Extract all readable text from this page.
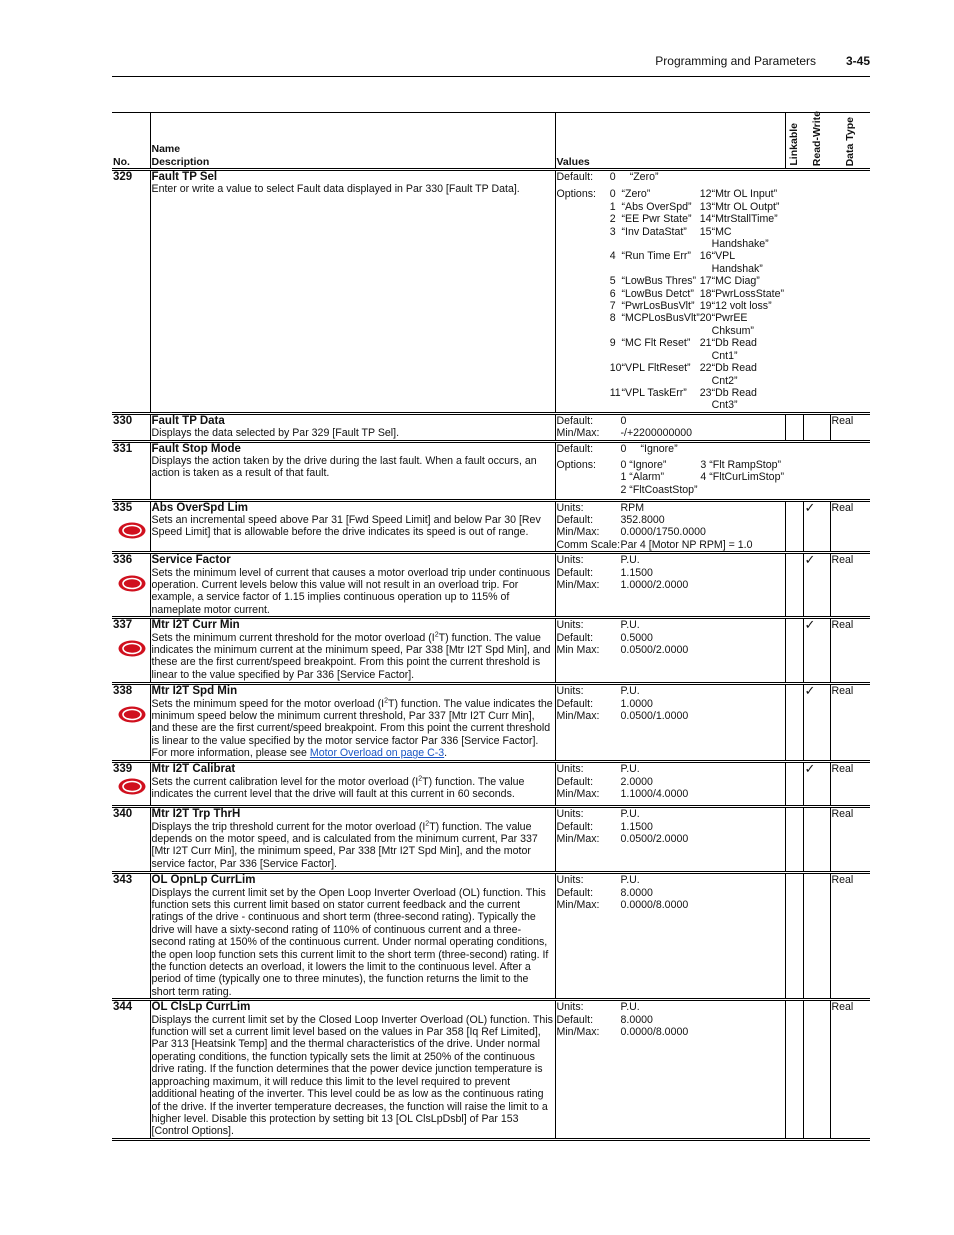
Programming and Parameters 3-45
No.	Name
Description	Values	Linkable	Read-Write	Data Type

329	Fault TP Sel
Enter or write a value to select Fault data displayed in Par 330 [Fault TP Data].	
Default:	0	“Zero”

Options:	0	“Zero”	12	“Mtr OL Input”
1	“Abs OverSpd”	13	“Mtr OL Outpt”
2	“EE Pwr State”	14	“MtrStallTime”
3	“Inv DataStat”	15	“MC Handshake”
4	“Run Time Err”	16	“VPL Handshak”
5	“LowBus Thres”	17	“MC Diag”
6	“LowBus Detct”	18	“PwrLossState”
7	“PwrLosBusVlt”	19	“12 volt loss”
8	“MCPLosBusVlt”	20	“PwrEE Chksum”
9	“MC Flt Reset”	21	“Db Read Cnt1”
10	“VPL FltReset”	22	“Db Read Cnt2”
11	“VPL TaskErr”	23	“Db Read Cnt3”

330	Fault TP Data
Displays the data selected by Par 329 [Fault TP Sel].	
Default:	0
Min/Max:	-/+2200000000
			Real

331	Fault Stop Mode
Displays the action taken by the drive during the last fault. When a fault occurs, an action is taken as a result of that fault.	
Default:	0	“Ignore”

Options:	0	“Ignore”	3	“Flt RampStop”
1	“Alarm”	4	“FltCurLimStop”
2	“FltCoastStop”		

335	Abs OverSpd Lim
Sets an incremental speed above Par 31 [Fwd Speed Limit] and below Par 30 [Rev Speed Limit] that is allowable before the drive indicates its speed is out of range.	
Units:	RPM
Default:	352.8000
Min/Max:	0.0000/1750.0000
Comm Scale:	Par 4 [Motor NP RPM] = 1.0
		✓	Real

336	Service Factor
Sets the minimum level of current that causes a motor overload trip under continuous operation. Current levels below this value will not result in an overload trip. For example, a service factor of 1.15 implies continuous operation up to 115% of nameplate motor current.	
Units:	P.U.
Default:	1.1500
Min/Max:	1.0000/2.0000
		✓	Real

337	Mtr I2T Curr Min
Sets the minimum current threshold for the motor overload $(I^2T)$ function. The value indicates the minimum current at the minimum speed, Par 338 [Mtr I2T Spd Min], and these are the first current/speed breakpoint. From this point the current threshold is linear to the value specified by Par 336 [Service Factor].	
Units:	P.U.
Default:	0.5000
Min Max:	0.0500/2.0000
		✓	Real

338	Mtr I2T Spd Min
Sets the minimum speed for the motor overload $(I^2T)$ function. The value indicates the minimum speed below the minimum current threshold, Par 337 [Mtr I2T Curr Min], and these are the first current/speed breakpoint. From this point the current threshold is linear to the value specified by the motor service factor Par 336 [Service Factor]. For more information, please see Motor Overload on page C-3.	
Units:	P.U.
Default:	1.0000
Min/Max:	0.0500/1.0000
		✓	Real

339	Mtr I2T Calibrat
Sets the current calibration level for the motor overload $(I^2T)$ function. The value indicates the current level that the drive will fault at this current in 60 seconds.	
Units:	P.U.
Default:	2.0000
Min/Max:	1.1000/4.0000
		✓	Real

340	Mtr I2T Trp ThrH
Displays the trip threshold current for the motor overload $(I^2T)$ function. The value depends on the motor speed, and is calculated from the minimum current, Par 337 [Mtr I2T Curr Min], the minimum speed, Par 338 [Mtr I2T Spd Min], and the motor service factor, Par 336 [Service Factor].	
Units:	P.U.
Default:	1.1500
Min/Max:	0.0500/2.0000
			Real

343	OL OpnLp CurrLim
Displays the current limit set by the Open Loop Inverter Overload (OL) function. This function sets this current limit based on stator current feedback and the current ratings of the drive - continuous and short term (three-second rating). Typically the drive will have a sixty-second rating of 110% of continuous current and a three-second rating at 150% of the continuous current. Under normal operating conditions, the open loop function sets this current limit to the short term (three-second) rating. If the function detects an overload, it lowers the limit to the continuous level. After a period of time (typically one to three minutes), the function returns the limit to the short term rating.	
Units:	P.U.
Default:	8.0000
Min/Max:	0.0000/8.0000
			Real

344	OL ClsLp CurrLim
Displays the current limit set by the Closed Loop Inverter Overload (OL) function. This function will set a current limit level based on the values in Par 358 [Iq Ref Limited], Par 313 [Heatsink Temp] and the thermal characteristics of the drive. Under normal operating conditions, the function typically sets the limit at 250% of the continuous drive rating. If the function determines that the power device junction temperature is approaching maximum, it will reduce this limit to the level required to prevent additional heating of the inverter. This level could be as low as the continuous rating of the drive. If the inverter temperature decreases, the function will raise the limit to a higher level. Disable this protection by setting bit 13 [OL ClsLpDsbl] of Par 153 [Control Options].	
Units:	P.U.
Default:	8.0000
Min/Max:	0.0000/8.0000
			Real
